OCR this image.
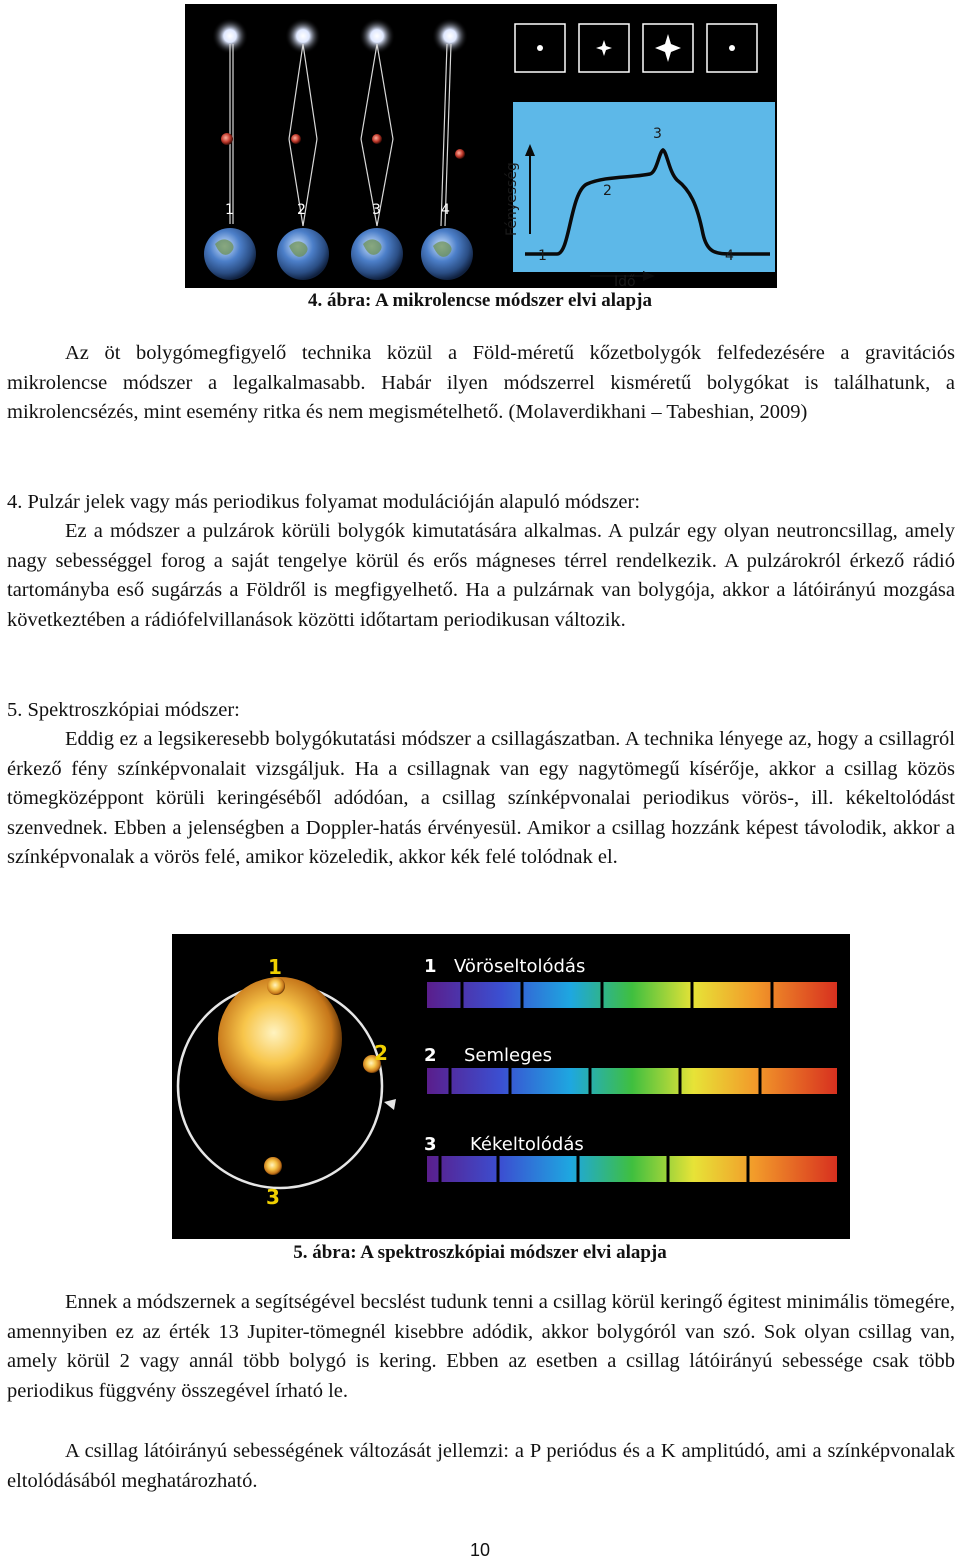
1	2	3	4	Fényesség
Idő
1
2
3
4
4. ábra: A mikrolencse módszer elvi alapja

Az öt bolygómegfigyelő technika közül a Föld-méretű kőzetbolygók felfedezésére a gravitációs mikrolencse módszer a legalkalmasabb. Habár ilyen módszerrel kisméretű bolygókat is találhatunk, a mikrolencsézés, mint esemény ritka és nem megismételhető. (Molaverdikhani – Tabeshian, 2009)

4. Pulzár jelek vagy más periodikus folyamat modulációján alapuló módszer:

Ez a módszer a pulzárok körüli bolygók kimutatására alkalmas. A pulzár egy olyan neutroncsillag, amely nagy sebességgel forog a saját tengelye körül és erős mágneses térrel rendelkezik. A pulzárokról érkező rádió tartományba eső sugárzás a Földről is megfigyelhető. Ha a pulzárnak van bolygója, akkor a látóirányú mozgása következtében a rádiófelvillanások közötti időtartam periodikusan változik.

5. Spektroszkópiai módszer:

Eddig ez a legsikeresebb bolygókutatási módszer a csillagászatban. A technika lényege az, hogy a csillagról érkező fény színképvonalait vizsgáljuk. Ha a csillagnak van egy nagytömegű kísérője, akkor a csillag közös tömegközéppont körüli keringéséből adódóan, a csillag színképvonalai periodikus vörös-, ill. kékeltolódást szenvednek. Ebben a jelenségben a Doppler-hatás érvényesül. Amikor a csillag hozzánk képest távolodik, akkor a színképvonalak a vörös felé, amikor közeledik, akkor kék felé tolódnak el.

1
2
3
1 Vöröseltolódás
2 Semleges
3 Kékeltolódás
5. ábra: A spektroszkópiai módszer elvi alapja

Ennek a módszernek a segítségével becslést tudunk tenni a csillag körül keringő égitest minimális tömegére, amennyiben ez az érték 13 Jupiter-tömegnél kisebbre adódik, akkor bolygóról van szó. Sok olyan csillag van, amely körül 2 vagy annál több bolygó is kering. Ebben az esetben a csillag látóirányú sebessége csak több periodikus függvény összegével írható le.

A csillag látóirányú sebességének változását jellemzi: a P periódus és a K amplitúdó, ami a színképvonalak eltolódásából meghatározható.

10
